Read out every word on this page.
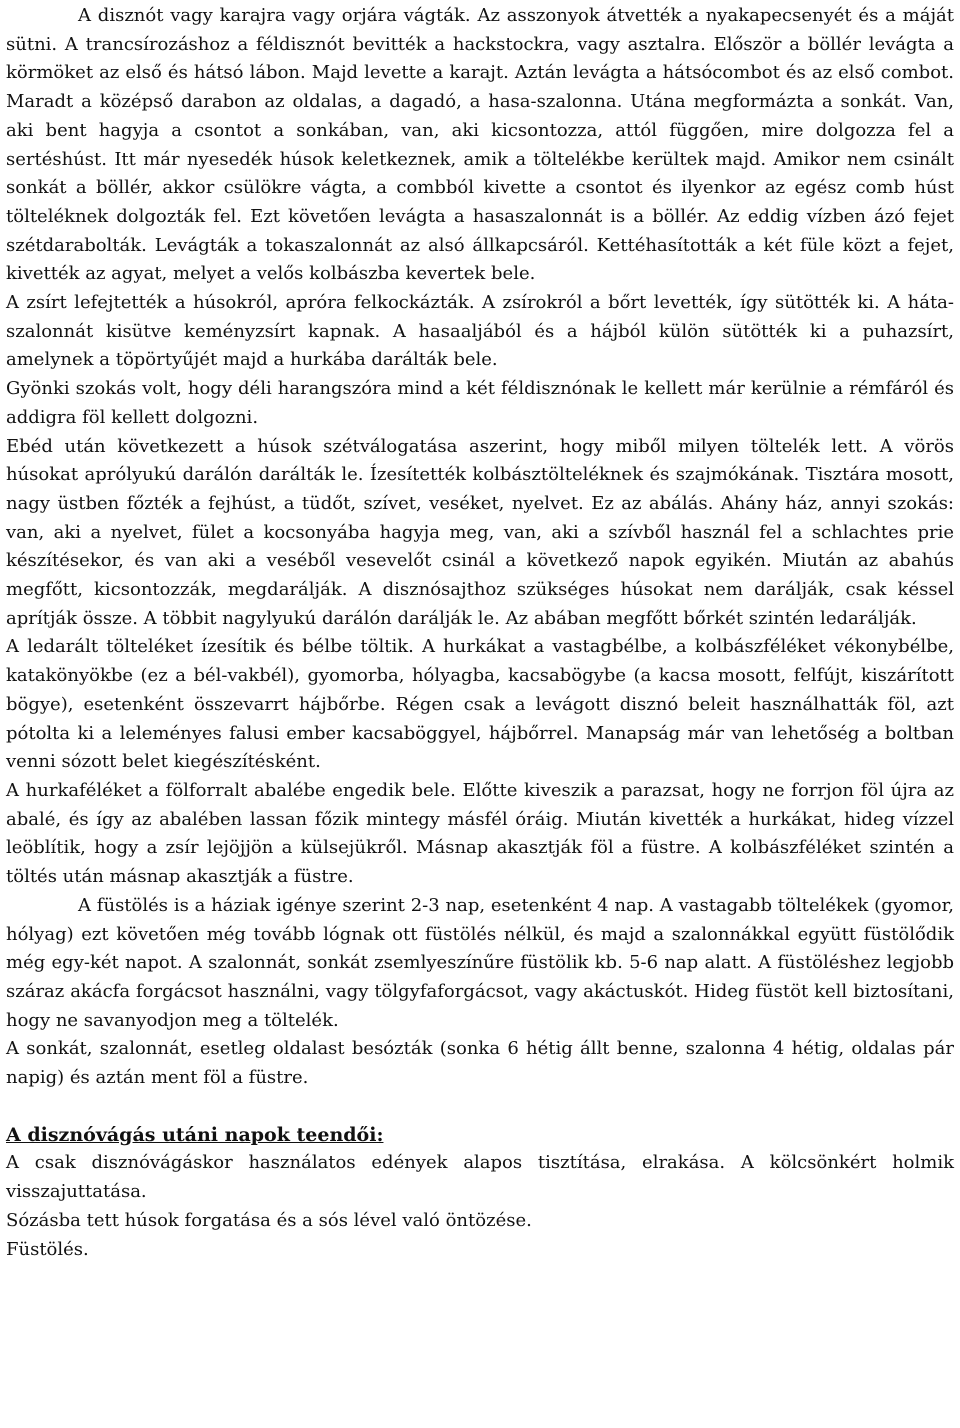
A disznót vagy karajra vagy orjára vágták. Az asszonyok átvették a nyakapecsenyét és a máját sütni. A trancsírozáshoz a féldisznót bevitték a hackstockra, vagy asztalra. Először a böllér levágta a körmöket az első és hátsó lábon. Majd levette a karajt. Aztán levágta a hátsócombot és az első combot. Maradt a középső darabon az oldalas, a dagadó, a hasa-szalonna. Utána megformázta a sonkát. Van, aki bent hagyja a csontot a sonkában, van, aki kicsontozza, attól függően, mire dolgozza fel a sertéshúst. Itt már nyesedék húsok keletkeznek, amik a töltelékbe kerültek majd. Amikor nem csinált sonkát a böllér, akkor csülökre vágta, a combból kivette a csontot és ilyenkor az egész comb húst tölteléknek dolgozták fel. Ezt követően levágta a hasaszalonnát is a böllér. Az eddig vízben ázó fejet szétdarabolták. Levágták a tokaszalonnát az alsó állkapcsáról. Kettéhasították a két füle közt a fejet, kivették az agyat, melyet a velős kolbászba kevertek bele.

A zsírt lefejtették a húsokról, apróra felkockázták. A zsírokról a bőrt levették, így sütötték ki. A háta-szalonnát kisütve keményzsírt kapnak. A hasaaljából és a hájból külön sütötték ki a puhazsírt, amelynek a töpörtyűjét majd a hurkába darálták bele.

Gyönki szokás volt, hogy déli harangszóra mind a két féldisznónak le kellett már kerülnie a rémfáról és addigra föl kellett dolgozni.

Ebéd után következett a húsok szétválogatása aszerint, hogy miből milyen töltelék lett. A vörös húsokat aprólyukú darálón darálták le. Ízesítették kolbásztölteléknek és szajmókának. Tisztára mosott, nagy üstben főzték a fejhúst, a tüdőt, szívet, veséket, nyelvet. Ez az abálás. Ahány ház, annyi szokás: van, aki a nyelvet, fület a kocsonyába hagyja meg, van, aki a szívből használ fel a schlachtes prie készítésekor, és van aki a veséből vesevelőt csinál a következő napok egyikén. Miután az abahús megfőtt, kicsontozzák, megdarálják. A disznósajthoz szükséges húsokat nem darálják, csak késsel aprítják össze. A többit nagylyukú darálón darálják le. Az abában megfőtt bőrkét szintén ledarálják.

A ledarált tölteléket ízesítik és bélbe töltik. A hurkákat a vastagbélbe, a kolbászféléket vékonybélbe, katakönyökbe (ez a bél-vakbél), gyomorba, hólyagba, kacsabögybe (a kacsa mosott, felfújt, kiszárított bögye), esetenként összevarrt hájbőrbe. Régen csak a levágott disznó beleit használhatták föl, azt pótolta ki a leleményes falusi ember kacsaböggyel, hájbőrrel. Manapság már van lehetőség a boltban venni sózott belet kiegészítésként.

A hurkaféléket a fölforralt abalébe engedik bele. Előtte kiveszik a parazsat, hogy ne forrjon föl újra az abalé, és így az abalében lassan főzik mintegy másfél óráig. Miután kivették a hurkákat, hideg vízzel leöblítik, hogy a zsír lejöjjön a külsejükről. Másnap akasztják föl a füstre. A kolbászféléket szintén a töltés után másnap akasztják a füstre.

A füstölés is a háziak igénye szerint 2-3 nap, esetenként 4 nap. A vastagabb töltelékek (gyomor, hólyag) ezt követően még tovább lógnak ott füstölés nélkül, és majd a szalonnákkal együtt füstölődik még egy-két napot. A szalonnát, sonkát zsemlyeszínűre füstölik kb. 5-6 nap alatt. A füstöléshez legjobb száraz akácfa forgácsot használni, vagy tölgyfaforgácsot, vagy akáctuskót. Hideg füstöt kell biztosítani, hogy ne savanyodjon meg a töltelék.

A sonkát, szalonnát, esetleg oldalast besózták (sonka 6 hétig állt benne, szalonna 4 hétig, oldalas pár napig) és aztán ment föl a füstre.

A disznóvágás utáni napok teendői:

A csak disznóvágáskor használatos edények alapos tisztítása, elrakása. A kölcsönkért holmik visszajuttatása.

Sózásba tett húsok forgatása és a sós lével való öntözése.

Füstölés.
